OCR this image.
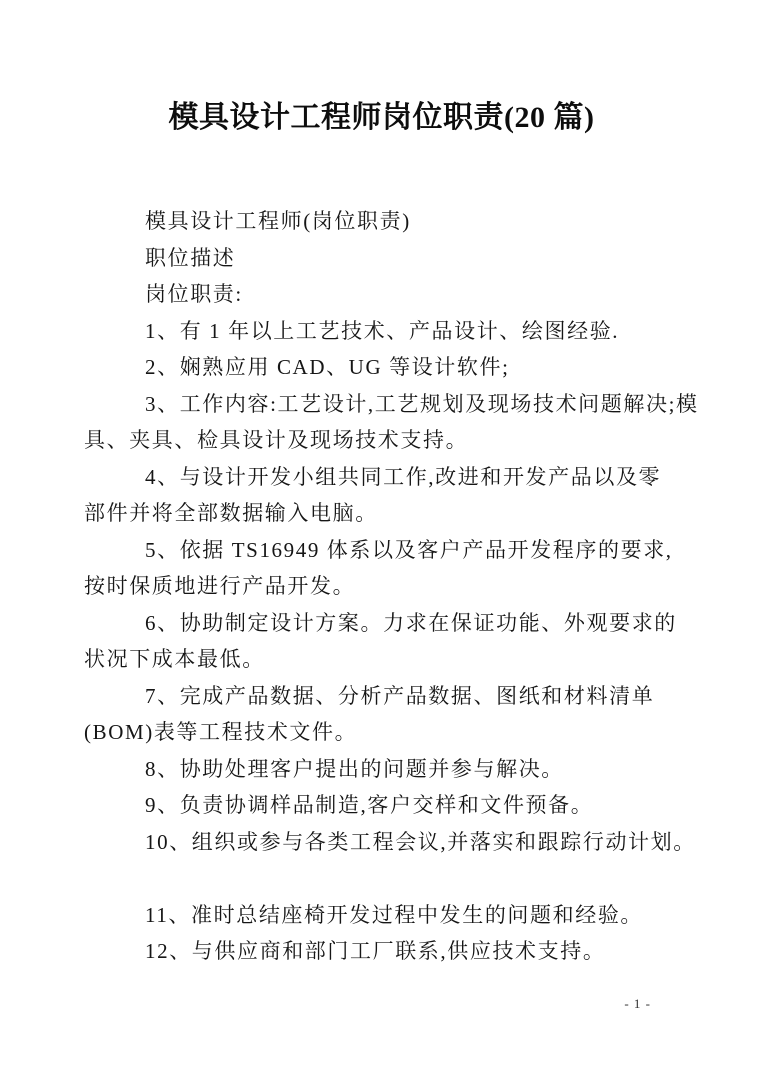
模具设计工程师岗位职责(20 篇)
模具设计工程师(岗位职责)
职位描述
岗位职责:
1、有 1 年以上工艺技术、产品设计、绘图经验.
2、娴熟应用 CAD、UG 等设计软件;
3、工作内容:工艺设计,工艺规划及现场技术问题解决;模
具、夹具、检具设计及现场技术支持。
4、与设计开发小组共同工作,改进和开发产品以及零
部件并将全部数据输入电脑。
5、依据 TS16949 体系以及客户产品开发程序的要求,
按时保质地进行产品开发。
6、协助制定设计方案。力求在保证功能、外观要求的
状况下成本最低。
7、完成产品数据、分析产品数据、图纸和材料清单
(BOM)表等工程技术文件。
8、协助处理客户提出的问题并参与解决。
9、负责协调样品制造,客户交样和文件预备。
10、组织或参与各类工程会议,并落实和跟踪行动计划。
11、准时总结座椅开发过程中发生的问题和经验。
12、与供应商和部门工厂联系,供应技术支持。
- 1 -
